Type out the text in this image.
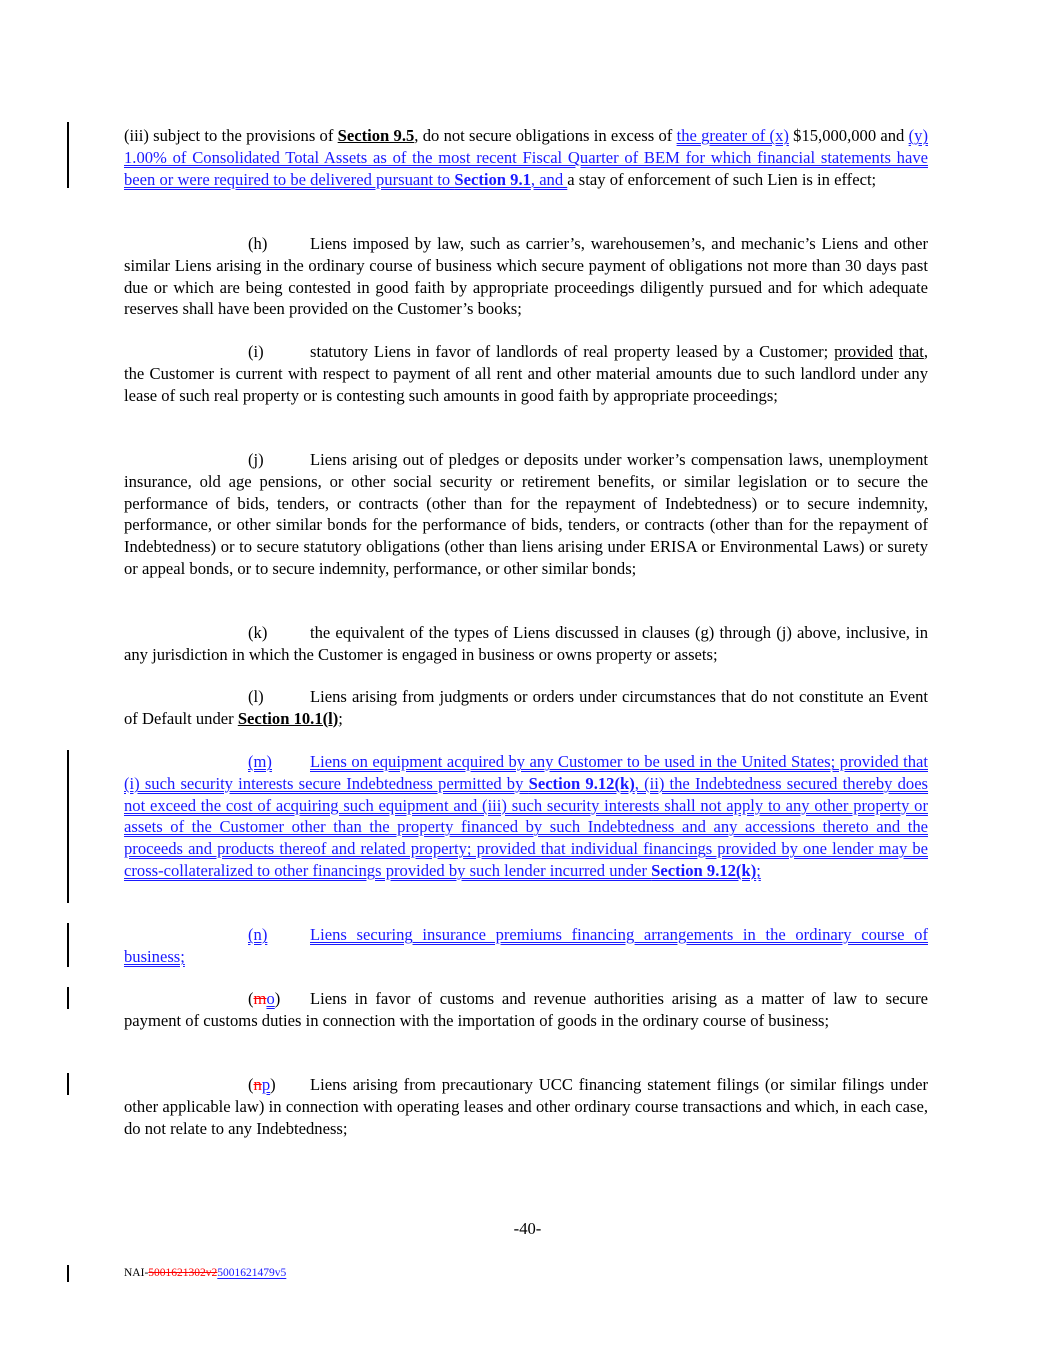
(iii) subject to the provisions of Section 9.5, do not secure obligations in excess of the greater of (x) $15,000,000 and (y) 1.00% of Consolidated Total Assets as of the most recent Fiscal Quarter of BEM for which financial statements have been or were required to be delivered pursuant to Section 9.1, and a stay of enforcement of such Lien is in effect;

(h)	Liens imposed by law, such as carrier’s, warehousemen’s, and mechanic’s Liens and other similar Liens arising in the ordinary course of business which secure payment of obligations not more than 30 days past due or which are being contested in good faith by appropriate proceedings diligently pursued and for which adequate reserves shall have been provided on the Customer’s books;

(i)	statutory Liens in favor of landlords of real property leased by a Customer; provided that, the Customer is current with respect to payment of all rent and other material amounts due to such landlord under any lease of such real property or is contesting such amounts in good faith by appropriate proceedings;

(j)	Liens arising out of pledges or deposits under worker’s compensation laws, unemployment insurance, old age pensions, or other social security or retirement benefits, or similar legislation or to secure the performance of bids, tenders, or contracts (other than for the repayment of Indebtedness) or to secure indemnity, performance, or other similar bonds for the performance of bids, tenders, or contracts (other than for the repayment of Indebtedness) or to secure statutory obligations (other than liens arising under ERISA or Environmental Laws) or surety or appeal bonds, or to secure indemnity, performance, or other similar bonds;

(k)	the equivalent of the types of Liens discussed in clauses (g) through (j) above, inclusive, in any jurisdiction in which the Customer is engaged in business or owns property or assets;

(l)	Liens arising from judgments or orders under circumstances that do not constitute an Event of Default under Section 10.1(l);

(m) Liens on equipment acquired by any Customer to be used in the United States; provided that (i) such security interests secure Indebtedness permitted by Section 9.12(k), (ii) the Indebtedness secured thereby does not exceed the cost of acquiring such equipment and (iii) such security interests shall not apply to any other property or assets of the Customer other than the property financed by such Indebtedness and any accessions thereto and the proceeds and products thereof and related property; provided that individual financings provided by one lender may be cross-collateralized to other financings provided by such lender incurred under Section 9.12(k);

(n)	Liens securing insurance premiums financing arrangements in the ordinary course of business;

(mo) Liens in favor of customs and revenue authorities arising as a matter of law to secure payment of customs duties in connection with the importation of goods in the ordinary course of business;

(np) Liens arising from precautionary UCC financing statement filings (or similar filings under other applicable law) in connection with operating leases and other ordinary course transactions and which, in each case, do not relate to any Indebtedness;

-40-
NAI-5001621302v25001621479v5
